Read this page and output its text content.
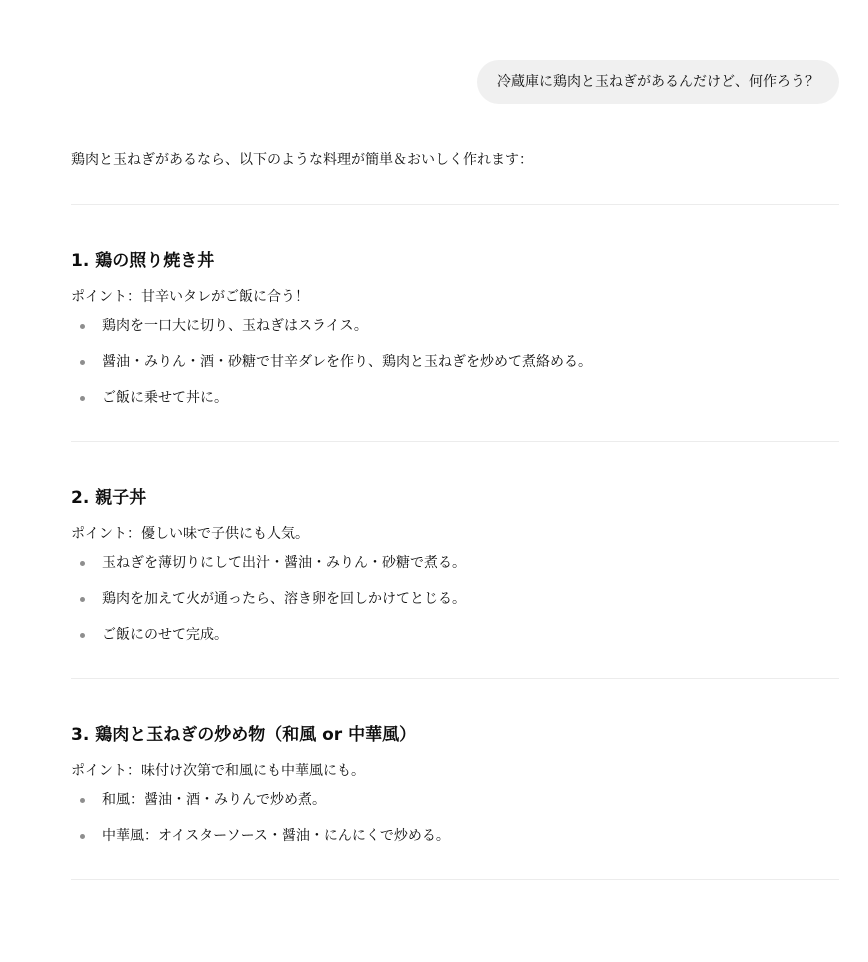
冷蔵庫に鶏肉と玉ねぎがあるんだけど、何作ろう？
鶏肉と玉ねぎがあるなら、以下のような料理が簡単＆おいしく作れます：
1. 鶏の照り焼き丼
ポイント：甘辛いタレがご飯に合う！
鶏肉を一口大に切り、玉ねぎはスライス。
醤油・みりん・酒・砂糖で甘辛ダレを作り、鶏肉と玉ねぎを炒めて煮絡める。
ご飯に乗せて丼に。
2. 親子丼
ポイント：優しい味で子供にも人気。
玉ねぎを薄切りにして出汁・醤油・みりん・砂糖で煮る。
鶏肉を加えて火が通ったら、溶き卵を回しかけてとじる。
ご飯にのせて完成。
3. 鶏肉と玉ねぎの炒め物（和風 or 中華風）
ポイント：味付け次第で和風にも中華風にも。
和風：醤油・酒・みりんで炒め煮。
中華風：オイスターソース・醤油・にんにくで炒める。
